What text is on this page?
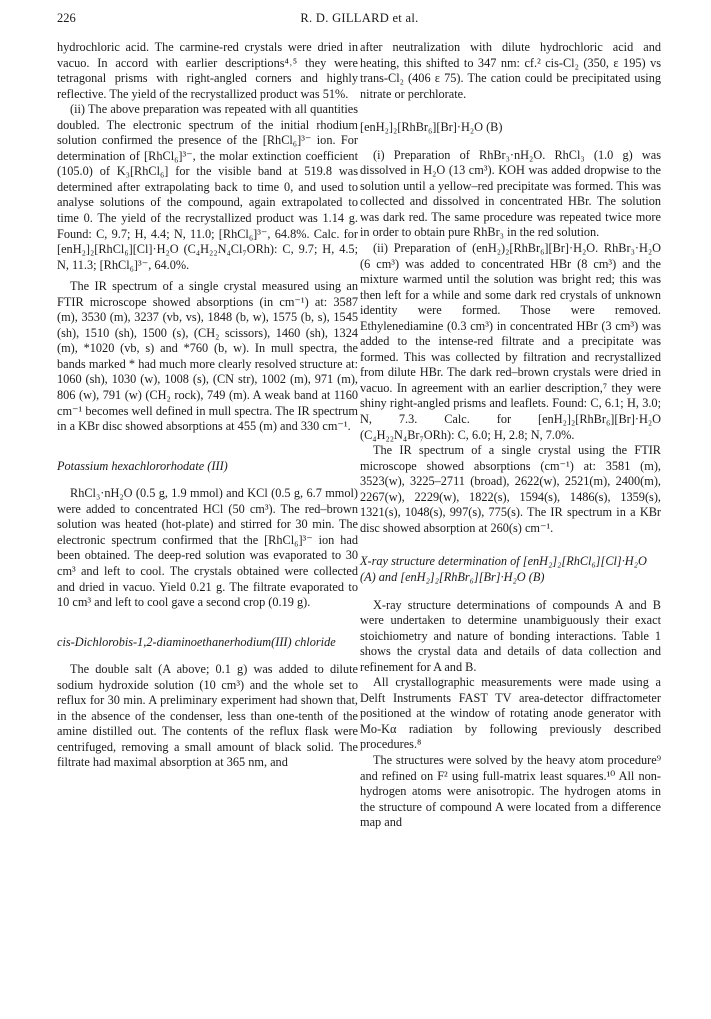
226	R. D. GILLARD et al.

hydrochloric acid. The carmine-red crystals were dried in vacuo. In accord with earlier descriptions⁴˒⁵ they were tetragonal prisms with right-angled corners and highly reflective. The yield of the recrystallized product was 51%.

(ii) The above preparation was repeated with all quantities doubled. The electronic spectrum of the initial rhodium solution confirmed the presence of the [RhCl₆]³⁻ ion. For determination of [RhCl₆]³⁻, the molar extinction coefficient (105.0) of K₃[RhCl₆] for the visible band at 519.8 was determined after extrapolating back to time 0, and used to analyse solutions of the compound, again extrapolated to time 0. The yield of the recrystallized product was 1.14 g. Found: C, 9.7; H, 4.4; N, 11.0; [RhCl₆]³⁻, 64.8%. Calc. for [enH₂]₂[RhCl₆][Cl]·H₂O (C₄H₂₂N₄Cl₇ORh): C, 9.7; H, 4.5; N, 11.3; [RhCl₆]³⁻, 64.0%.

The IR spectrum of a single crystal measured using an FTIR microscope showed absorptions (in cm⁻¹) at: 3587 (m), 3530 (m), 3237 (vb, vs), 1848 (b, w), 1575 (b, s), 1545 (sh), 1510 (sh), 1500 (s), (CH₂ scissors), 1460 (sh), 1324 (m), *1020 (vb, s) and *760 (b, w). In mull spectra, the bands marked * had much more clearly resolved structure at: 1060 (sh), 1030 (w), 1008 (s), (CN str), 1002 (m), 971 (m), 806 (w), 791 (w) (CH₂ rock), 749 (m). A weak band at 1160 cm⁻¹ becomes well defined in mull spectra. The IR spectrum in a KBr disc showed absorptions at 455 (m) and 330 cm⁻¹.

Potassium hexachlororhodate (III)

RhCl₃·nH₂O (0.5 g, 1.9 mmol) and KCl (0.5 g, 6.7 mmol) were added to concentrated HCl (50 cm³). The red–brown solution was heated (hot-plate) and stirred for 30 min. The electronic spectrum confirmed that the [RhCl₆]³⁻ ion had been obtained. The deep-red solution was evaporated to 30 cm³ and left to cool. The crystals obtained were collected and dried in vacuo. Yield 0.21 g. The filtrate evaporated to 10 cm³ and left to cool gave a second crop (0.19 g).

cis-Dichlorobis-1,2-diaminoethanerhodium(III) chloride

The double salt (A above; 0.1 g) was added to dilute sodium hydroxide solution (10 cm³) and the whole set to reflux for 30 min. A preliminary experiment had shown that, in the absence of the condenser, less than one-tenth of the amine distilled out. The contents of the reflux flask were centrifuged, removing a small amount of black solid. The filtrate had maximal absorption at 365 nm, and

after neutralization with dilute hydrochloric acid and heating, this shifted to 347 nm: cf.² cis-Cl₂ (350, ε 195) vs trans-Cl₂ (406 ε 75). The cation could be precipitated using nitrate or perchlorate.

[enH₂]₂[RhBr₆][Br]·H₂O (B)

(i) Preparation of RhBr₃·nH₂O. RhCl₃ (1.0 g) was dissolved in H₂O (13 cm³). KOH was added dropwise to the solution until a yellow–red precipitate was formed. This was collected and dissolved in concentrated HBr. The solution was dark red. The same procedure was repeated twice more in order to obtain pure RhBr₃ in the red solution.

(ii) Preparation of (enH₂)₂[RhBr₆][Br]·H₂O. RhBr₃·H₂O (6 cm³) was added to concentrated HBr (8 cm³) and the mixture warmed until the solution was bright red; this was then left for a while and some dark red crystals of unknown identity were formed. Those were removed. Ethylenediamine (0.3 cm³) in concentrated HBr (3 cm³) was added to the intense-red filtrate and a precipitate was formed. This was collected by filtration and recrystallized from dilute HBr. The dark red–brown crystals were dried in vacuo. In agreement with an earlier description,⁷ they were shiny right-angled prisms and leaflets. Found: C, 6.1; H, 3.0; N, 7.3. Calc. for [enH₂]₂[RhBr₆][Br]·H₂O (C₄H₂₂N₄Br₇ORh): C, 6.0; H, 2.8; N, 7.0%.

The IR spectrum of a single crystal using the FTIR microscope showed absorptions (cm⁻¹) at: 3581 (m), 3523(w), 3225–2711 (broad), 2622(w), 2521(m), 2400(m), 2267(w), 2229(w), 1822(s), 1594(s), 1486(s), 1359(s), 1321(s), 1048(s), 997(s), 775(s). The IR spectrum in a KBr disc showed absorption at 260(s) cm⁻¹.

X-ray structure determination of [enH₂]₂[RhCl₆][Cl]·H₂O (A) and [enH₂]₂[RhBr₆][Br]·H₂O (B)

X-ray structure determinations of compounds A and B were undertaken to determine unambiguously their exact stoichiometry and nature of bonding interactions. Table 1 shows the crystal data and details of data collection and refinement for A and B.

All crystallographic measurements were made using a Delft Instruments FAST TV area-detector diffractometer positioned at the window of rotating anode generator with Mo-Kα radiation by following previously described procedures.⁸

The structures were solved by the heavy atom procedure⁹ and refined on F² using full-matrix least squares.¹⁰ All non-hydrogen atoms were anisotropic. The hydrogen atoms in the structure of compound A were located from a difference map and
